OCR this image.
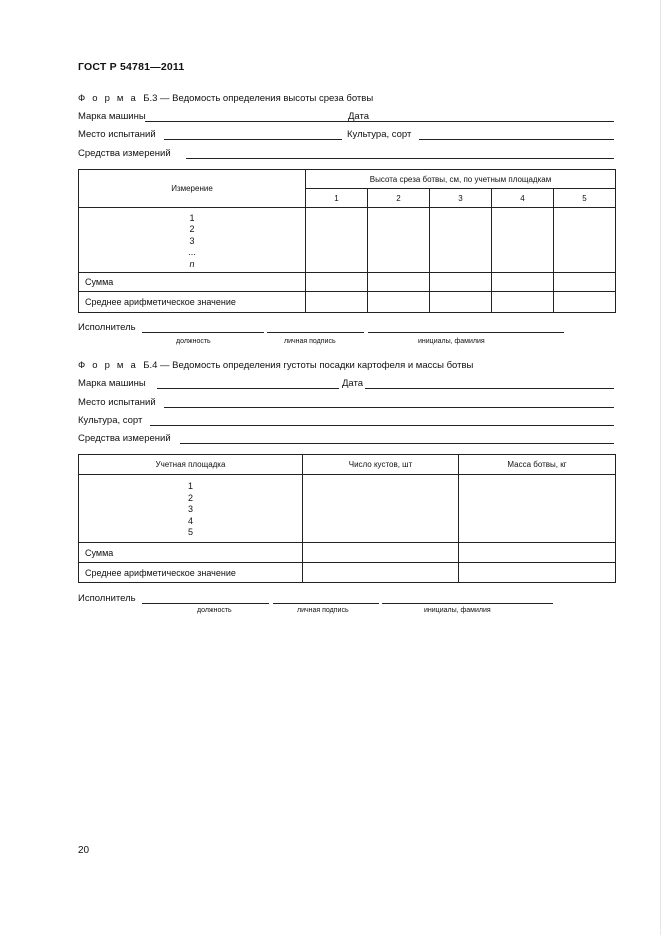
ГОСТ Р 54781—2011
Ф о р м а Б.3 — Ведомость определения высоты среза ботвы
Марка машины	Дата
Место испытаний	Культура, сорт
Средства измерений
Измерение	Высота среза ботвы, см, по учетным площадкам				
	1	2	3	4	5

1
2
3
...
n					

Сумма					
Среднее арифметическое значение					
Исполнитель
должность	личная подпись	инициалы, фамилия
Ф о р м а Б.4 — Ведомость определения густоты посадки картофеля и массы ботвы
Марка машины	Дата
Место испытаний
Культура, сорт
Средства измерений
Учетная площадка	Число кустов, шт	Масса ботвы, кг

1
2
3
4
5		

Сумма		
Среднее арифметическое значение		
Исполнитель
должность	личная подпись	инициалы, фамилия
20
